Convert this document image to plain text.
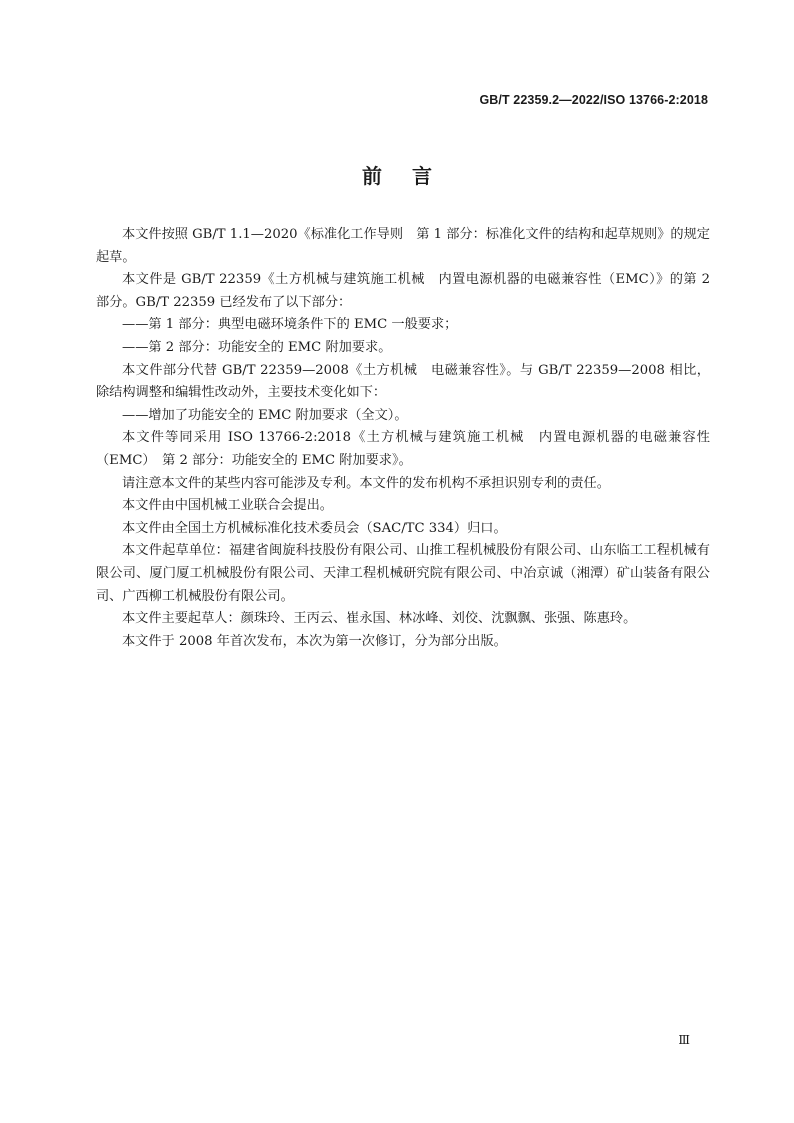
GB/T 22359.2—2022/ISO 13766-2:2018
前言

本文件按照 GB/T 1.1—2020《标准化工作导则　第 1 部分：标准化文件的结构和起草规则》的规定起草。

本文件是 GB/T 22359《土方机械与建筑施工机械　内置电源机器的电磁兼容性（EMC）》的第 2 部分。GB/T 22359 已经发布了以下部分：

——第 1 部分：典型电磁环境条件下的 EMC 一般要求；

——第 2 部分：功能安全的 EMC 附加要求。

本文件部分代替 GB/T 22359—2008《土方机械　电磁兼容性》。与 GB/T 22359—2008 相比，除结构调整和编辑性改动外，主要技术变化如下：

——增加了功能安全的 EMC 附加要求（全文）。

本文件等同采用 ISO 13766-2:2018《土方机械与建筑施工机械　内置电源机器的电磁兼容性（EMC）　第 2 部分：功能安全的 EMC 附加要求》。

请注意本文件的某些内容可能涉及专利。本文件的发布机构不承担识别专利的责任。

本文件由中国机械工业联合会提出。

本文件由全国土方机械标准化技术委员会（SAC/TC 334）归口。

本文件起草单位：福建省闽旋科技股份有限公司、山推工程机械股份有限公司、山东临工工程机械有限公司、厦门厦工机械股份有限公司、天津工程机械研究院有限公司、中冶京诚（湘潭）矿山装备有限公司、广西柳工机械股份有限公司。

本文件主要起草人：颜珠玲、王丙云、崔永国、林冰峰、刘佼、沈飘飘、张强、陈惠玲。

本文件于 2008 年首次发布，本次为第一次修订，分为部分出版。

Ⅲ
